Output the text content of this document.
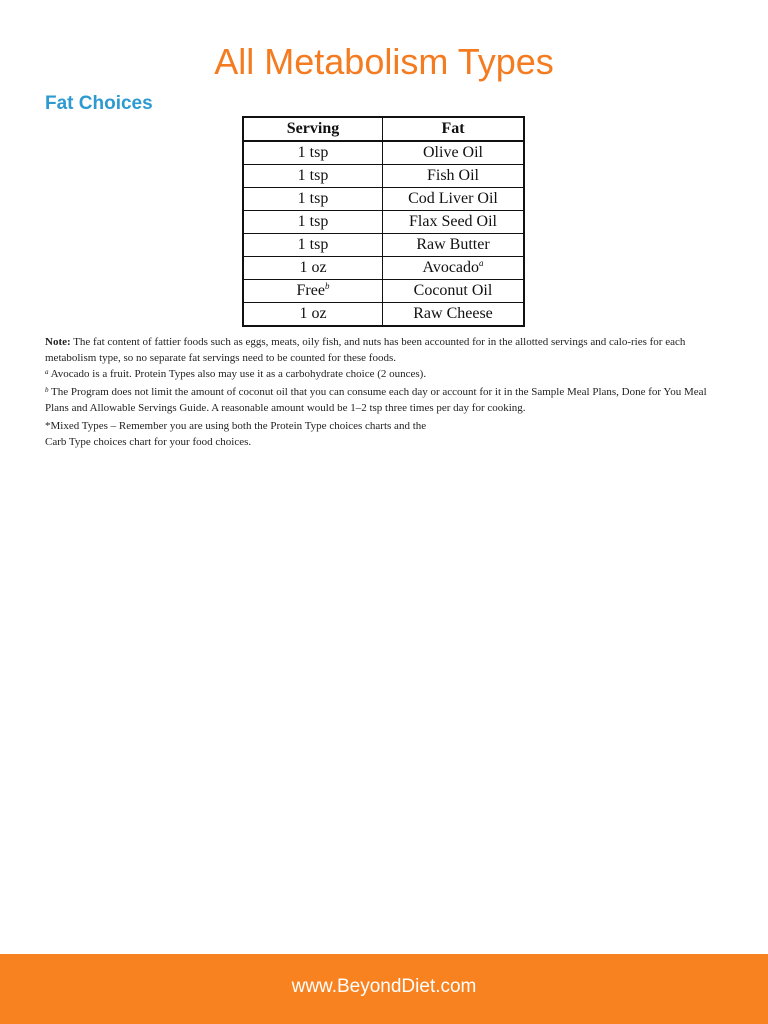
All Metabolism Types
Fat Choices
Serving	Fat
1 tsp	Olive Oil
1 tsp	Fish Oil
1 tsp	Cod Liver Oil
1 tsp	Flax Seed Oil
1 tsp	Raw Butter
1 oz	Avocado$^a$
Free$^b$	Coconut Oil
1 oz	Raw Cheese

Note: The fat content of fattier foods such as eggs, meats, oily fish, and nuts has been accounted for in the allotted servings and calo-ries for each metabolism type, so no separate fat servings need to be counted for these foods.

$^a$ Avocado is a fruit. Protein Types also may use it as a carbohydrate choice (2 ounces).

$^b$ The Program does not limit the amount of coconut oil that you can consume each day or account for it in the Sample Meal Plans, Done for You Meal Plans and Allowable Servings Guide. A reasonable amount would be 1–2 tsp three times per day for cooking.

*Mixed Types – Remember you are using both the Protein Type choices charts and the
Carb Type choices chart for your food choices.

www.BeyondDiet.com
